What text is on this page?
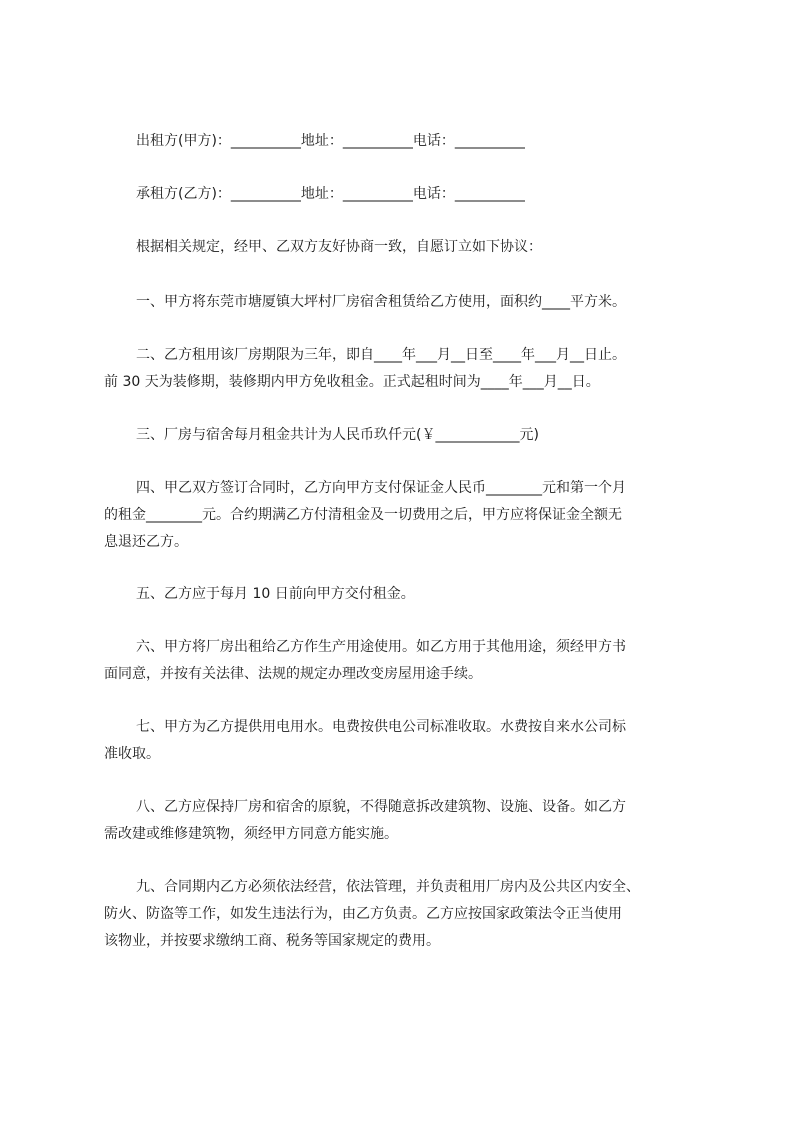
出租方(甲方)：__________地址：__________电话：__________
承租方(乙方)：__________地址：__________电话：__________
根据相关规定，经甲、乙双方友好协商一致，自愿订立如下协议：
一、甲方将东莞市塘厦镇大坪村厂房宿舍租赁给乙方使用，面积约____平方米。
二、乙方租用该厂房期限为三年，即自____年___月__日至____年___月__日止。
前 30 天为装修期，装修期内甲方免收租金。正式起租时间为____年___月__日。
三、厂房与宿舍每月租金共计为人民币玖仟元(￥____________元)
四、甲乙双方签订合同时，乙方向甲方支付保证金人民币________元和第一个月
的租金________元。合约期满乙方付清租金及一切费用之后，甲方应将保证金全额无
息退还乙方。
五、乙方应于每月 10 日前向甲方交付租金。
六、甲方将厂房出租给乙方作生产用途使用。如乙方用于其他用途，须经甲方书
面同意，并按有关法律、法规的规定办理改变房屋用途手续。
七、甲方为乙方提供用电用水。电费按供电公司标准收取。水费按自来水公司标
准收取。
八、乙方应保持厂房和宿舍的原貌，不得随意拆改建筑物、设施、设备。如乙方
需改建或维修建筑物，须经甲方同意方能实施。
九、合同期内乙方必须依法经营，依法管理，并负责租用厂房内及公共区内安全、
防火、防盗等工作，如发生违法行为，由乙方负责。乙方应按国家政策法令正当使用
该物业，并按要求缴纳工商、税务等国家规定的费用。
